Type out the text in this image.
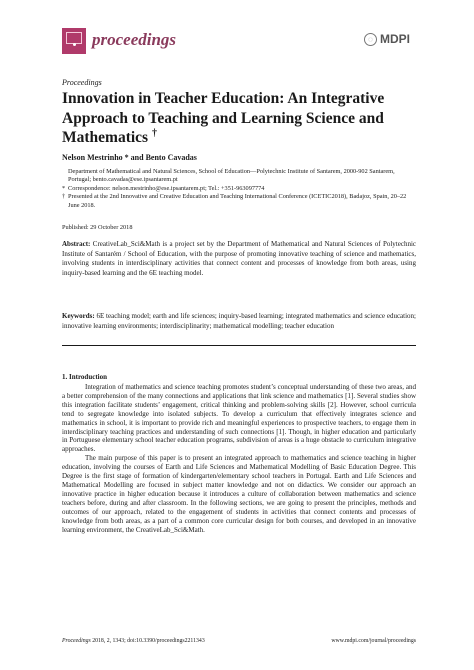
proceedings	◌ MDPI
Proceedings
Innovation in Teacher Education: An Integrative Approach to Teaching and Learning Science and Mathematics †
Nelson Mestrinho * and Bento Cavadas
Department of Mathematical and Natural Sciences, School of Education—Polytechnic Institute of Santarem, 2000-902 Santarem, Portugal; bento.cavadas@ese.ipsantarem.pt
* Correspondence: nelson.mestrinho@ese.ipsantarem.pt; Tel.: +351-963097774
† Presented at the 2nd Innovative and Creative Education and Teaching International Conference (ICETIC2018), Badajoz, Spain, 20–22 June 2018.
Published: 29 October 2018
Abstract: CreativeLab_Sci&Math is a project set by the Department of Mathematical and Natural Sciences of Polytechnic Institute of Santarém / School of Education, with the purpose of promoting innovative teaching of science and mathematics, involving students in interdisciplinary activities that connect content and processes of knowledge from both areas, using inquiry-based learning and the 6E teaching model.
Keywords: 6E teaching model; earth and life sciences; inquiry-based learning; integrated mathematics and science education; innovative learning environments; interdisciplinarity; mathematical modelling; teacher education
1. Introduction

Integration of mathematics and science teaching promotes student’s conceptual understanding of these two areas, and a better comprehension of the many connections and applications that link science and mathematics [1]. Several studies show this integration facilitate students’ engagement, critical thinking and problem-solving skills [2]. However, school curricula tend to segregate knowledge into isolated subjects. To develop a curriculum that effectively integrates science and mathematics in school, it is important to provide rich and meaningful experiences to prospective teachers, to engage them in interdisciplinary teaching practices and understanding of such connections [1]. Though, in higher education and particularly in Portuguese elementary school teacher education programs, subdivision of areas is a huge obstacle to curriculum integrative approaches.

The main purpose of this paper is to present an integrated approach to mathematics and science teaching in higher education, involving the courses of Earth and Life Sciences and Mathematical Modelling of Basic Education Degree. This Degree is the first stage of formation of kindergarten/elementary school teachers in Portugal. Earth and Life Sciences and Mathematical Modelling are focused in subject matter knowledge and not on didactics. We consider our approach an innovative practice in higher education because it introduces a culture of collaboration between mathematics and science teachers before, during and after classroom. In the following sections, we are going to present the principles, methods and outcomes of our approach, related to the engagement of students in activities that connect contents and processes of knowledge from both areas, as a part of a common core curricular design for both courses, and developed in an innovative learning environment, the CreativeLab_Sci&Math.

Proceedings 2018, 2, 1343; doi:10.3390/proceedings2211343	www.mdpi.com/journal/proceedings
